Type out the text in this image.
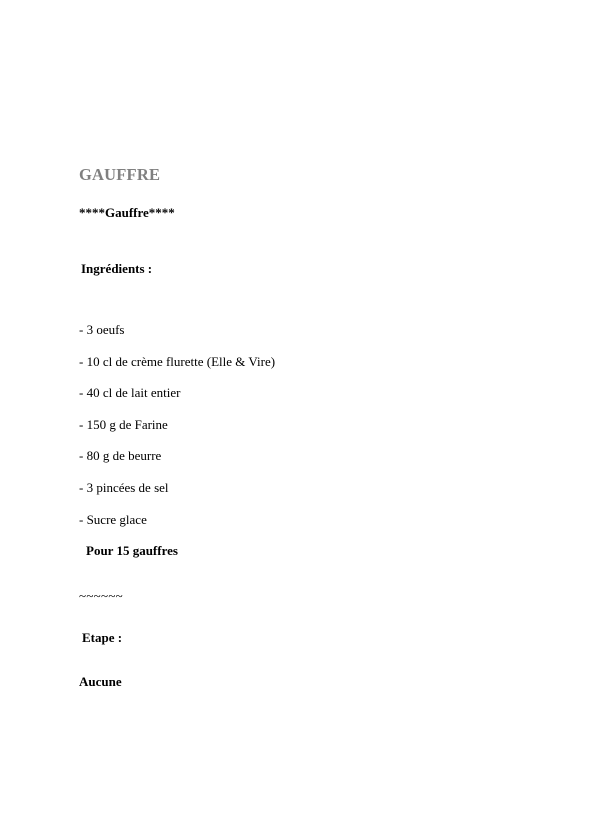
GAUFFRE
****Gauffre****
Ingrédients :
- 3 oeufs
- 10 cl de crème flurette (Elle & Vire)
- 40 cl de lait entier
- 150 g de Farine
- 80 g de beurre
- 3 pincées de sel
- Sucre glace
Pour 15 gauffres
~~~~~~
Etape :
Aucune
